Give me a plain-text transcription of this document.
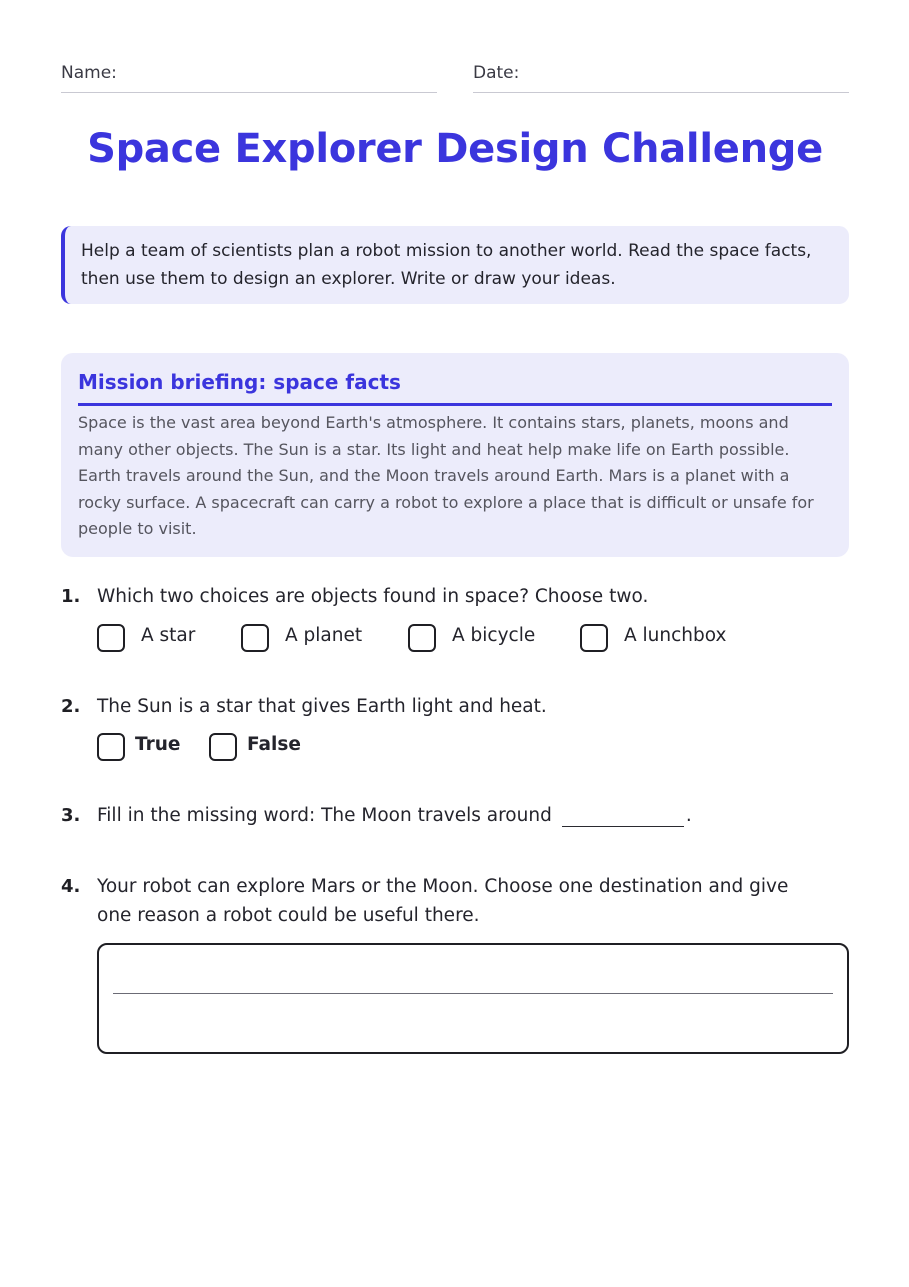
Name:	Date:
Space Explorer Design Challenge
Help a team of scientists plan a robot mission to another world. Read the space facts, then use them to design an explorer. Write or draw your ideas.
Mission briefing: space facts

Space is the vast area beyond Earth's atmosphere. It contains stars, planets, moons and many other objects. The Sun is a star. Its light and heat help make life on Earth possible. Earth travels around the Sun, and the Moon travels around Earth. Mars is a planet with a rocky surface. A spacecraft can carry a robot to explore a place that is difficult or unsafe for people to visit.

1. Which two choices are objects found in space? Choose two.
A star	A planet	A bicycle	A lunchbox
2. The Sun is a star that gives Earth light and heat.
True	False
3. Fill in the missing word: The Moon travels around	.
4. Your robot can explore Mars or the Moon. Choose one destination and give one reason a robot could be useful there.
